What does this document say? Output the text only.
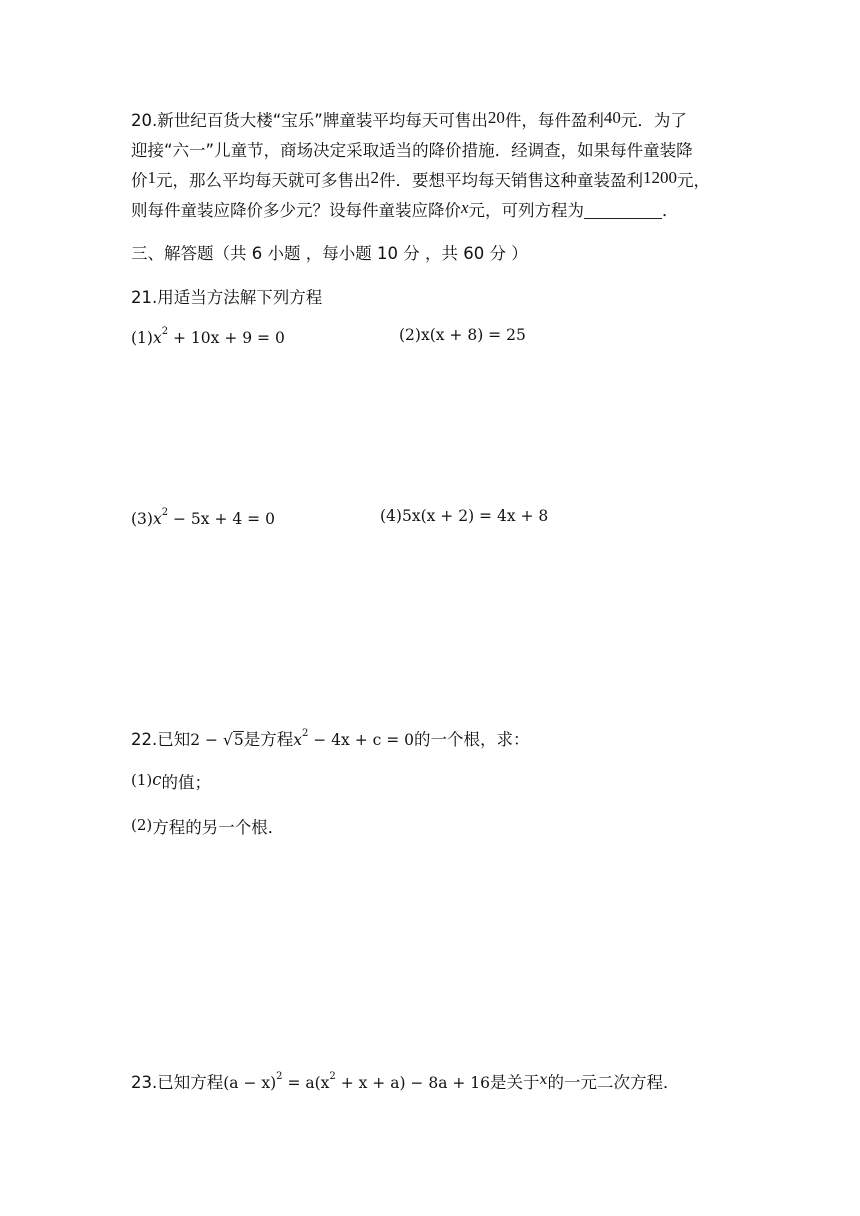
20.新世纪百货大楼“宝乐”牌童装平均每天可售出20件，每件盈利40元．为了
迎接“六一”儿童节，商场决定采取适当的降价措施．经调查，如果每件童装降
价1元，那么平均每天就可多售出2件．要想平均每天销售这种童装盈利1200元，
则每件童装应降价多少元？设每件童装应降价x元，可列方程为	．
三、解答题（共 6 小题 ，每小题 10 分 ，共 60 分 ）
21.用适当方法解下列方程
$(1)x^2 + 10x + 9 = 0$	(2)x(x + 8) = 25
$(3)x^2 - 5x + 4 = 0$	(4)5x(x + 2) = 4x + 8
22.已知2 − √5是方程$x^2 - 4x + c = 0$的一个根，求：
(1)c的值；
(2)方程的另一个根．
23.已知方程$(a - x)^2 = a(x^2 + x + a) - 8a + 16$是关于$^x$的一元二次方程．
